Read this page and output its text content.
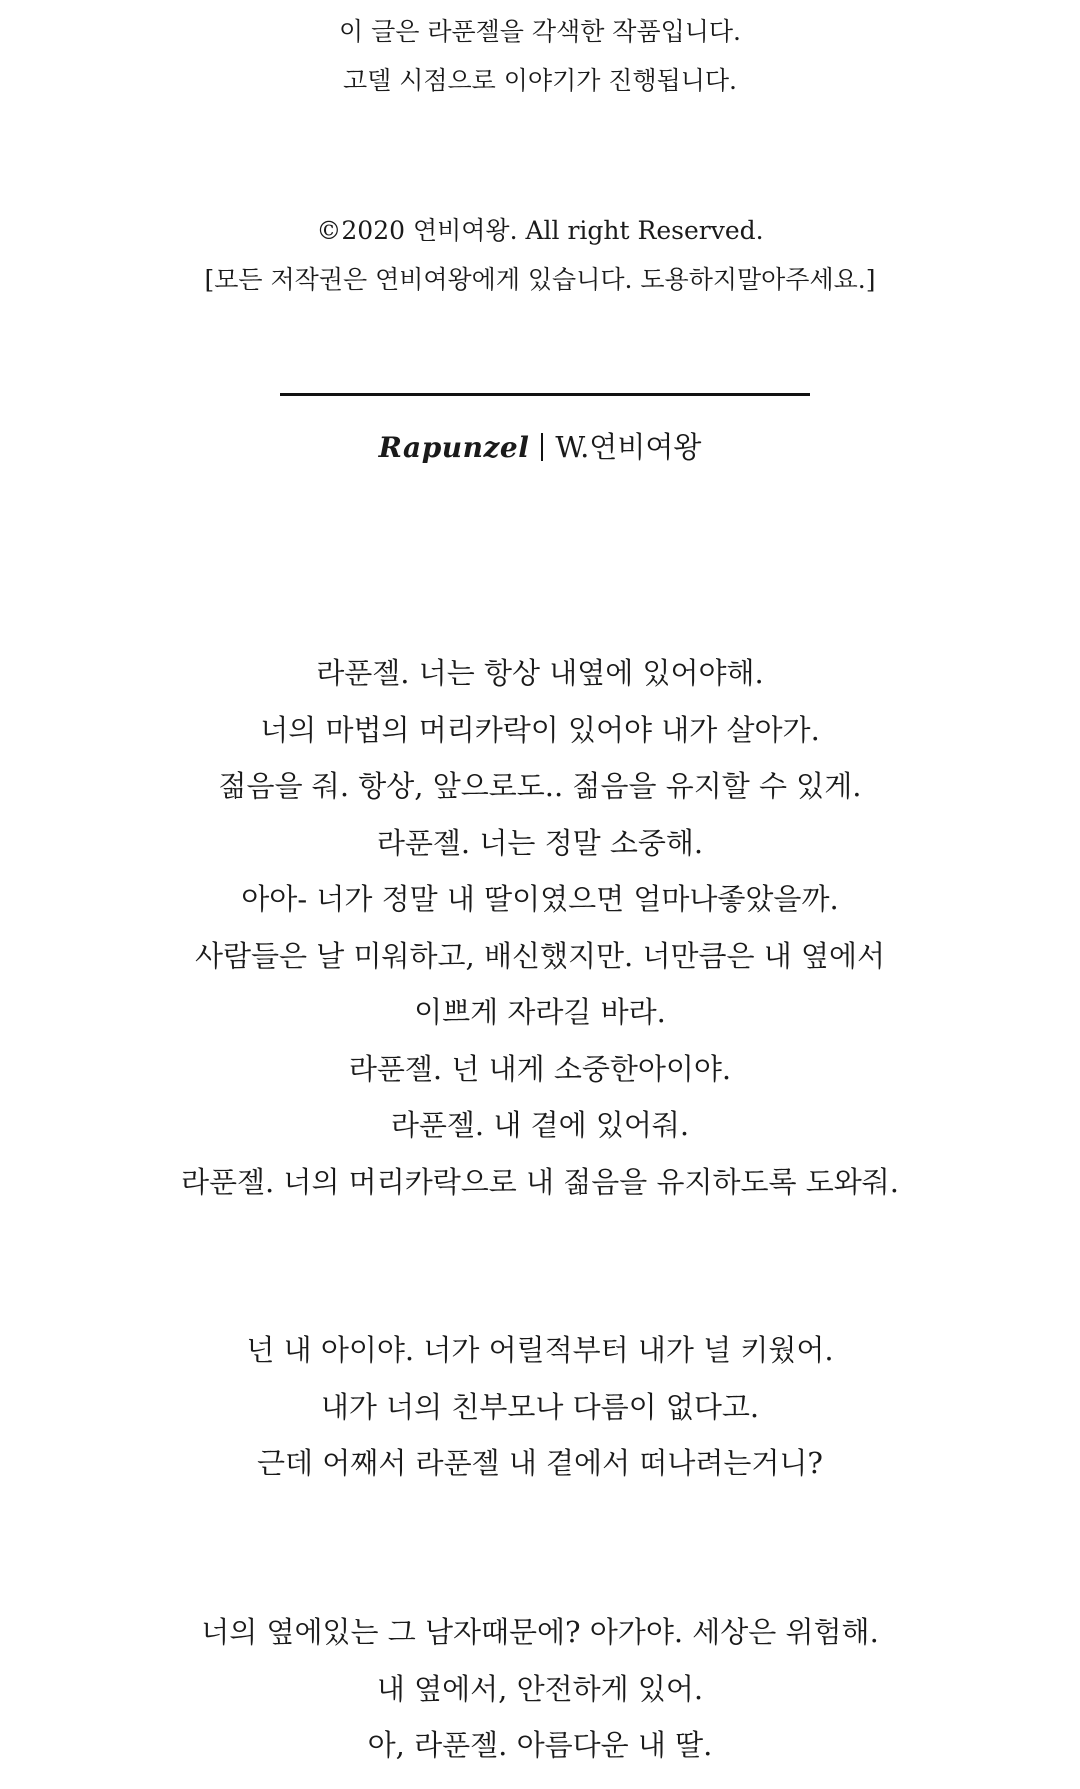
이 글은 라푼젤을 각색한 작품입니다.
고델 시점으로 이야기가 진행됩니다.
©2020 연비여왕. All right Reserved.
[모든 저작권은 연비여왕에게 있습니다. 도용하지말아주세요.]
Rapunzel W.연비여왕
라푼젤. 너는 항상 내옆에 있어야해.
너의 마법의 머리카락이 있어야 내가 살아가.
젊음을 줘. 항상, 앞으로도.. 젊음을 유지할 수 있게.
라푼젤. 너는 정말 소중해.
아아- 너가 정말 내 딸이였으면 얼마나좋았을까.
사람들은 날 미워하고, 배신했지만. 너만큼은 내 옆에서
이쁘게 자라길 바라.
라푼젤. 넌 내게 소중한아이야.
라푼젤. 내 곁에 있어줘.
라푼젤. 너의 머리카락으로 내 젊음을 유지하도록 도와줘.
넌 내 아이야. 너가 어릴적부터 내가 널 키웠어.
내가 너의 친부모나 다름이 없다고.
근데 어째서 라푼젤 내 곁에서 떠나려는거니?
너의 옆에있는 그 남자때문에? 아가야. 세상은 위험해.
내 옆에서, 안전하게 있어.
아, 라푼젤. 아름다운 내 딸.
